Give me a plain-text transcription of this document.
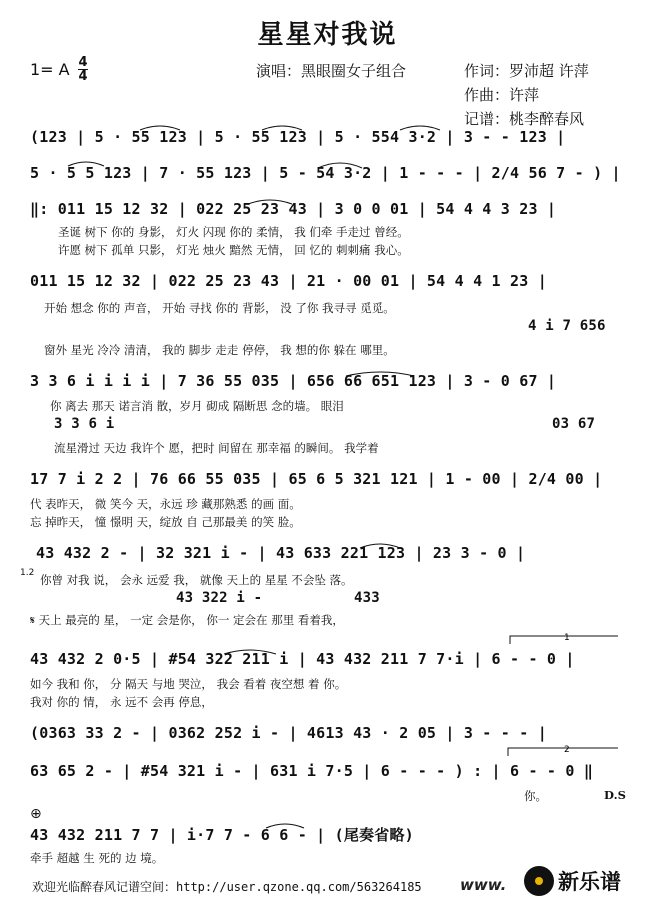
星星对我说
1= A 4
4	演唱：黑眼圈女子组合	作词：罗沛超 许萍
作曲：许萍
记谱：桃李醉春风
(123 | 5 · 55 123 | 5 · 55 123 | 5 · 554 3·2 | 3 - - 123 |
5 · 5 5 123 | 7 · 55 123 | 5 - 54 3·2 | 1 - - - | 2/4 56 7 - ) |
‖: 011 15 12 32 | 022 25 23 43 | 3 0 0 01 | 54 4 4 3 23 |
圣诞 树下 你的 身影， 灯火 闪现 你的 柔情， 我 们牵 手走过 曾经。
许愿 树下 孤单 只影， 灯光 烛火 黯然 无情， 回 忆的 刺刺痛 我心。
011 15 12 32 | 022 25 23 43 | 21 · 00 01 | 54 4 4 1 23 |
开始 想念 你的 声音， 开始 寻找 你的 背影， 没 了你 我寻寻 觅觅。
4 i 7 656
窗外 星光 冷冷 清清， 我的 脚步 走走 停停， 我 想的你 躲在 哪里。
3 3 6 i i i i | 7 36 55 035 | 656 66 651 123 | 3 - 0 67 |
你 离去 那天 诺言消 散，岁月 砌成 隔断思 念的墙。 眼泪
3 3 6 i	03 67
流星滑过 天边 我许个 愿，把时 间留在 那幸福 的瞬间。 我学着
17 7 i 2 2 | 76 66 55 035 | 65 6 5 321 121 | 1 - 00 | 2/4 00 |
代 表昨天， 微 笑今 天，永远 珍 藏那熟悉 的画 面。
忘 掉昨天， 憧 憬明 天，绽放 自 己那最美 的笑 脸。
43 432 2 - | 32 321 i - | 43 633 221 123 | 23 3 - 0 |
1.2 你曾 对我 说， 会永 远爱 我， 就像 天上的 星星 不会坠 落。
43 322 i -	433
𝄋 天上 最亮的 星， 一定 会是你， 你一 定会在 那里 看着我，
43 432 2 0·5 | #54 322 211 i | 43 432 211 7 7·i | 6 - - 0 |
如今 我和 你， 分 隔天 与地 哭泣， 我会 看着 夜空想 着 你。
我对 你的 情， 永 远不 会再 停息，
(0363 33 2 - | 0362 252 i - | 4613 43 · 2 05 | 3 - - - |
63 65 2 - | #54 321 i - | 631 i 7·5 | 6 - - - ) : | 6 - - 0 ‖
你。	D.S
⊕
43 432 211 7 7 | i·7 7 - 6 6 - | (尾奏省略)
牵手 超越 生 死的 边 境。
1
2
欢迎光临醉春风记谱空间：http://user.qzone.qq.com/563264185	www. 新乐谱
